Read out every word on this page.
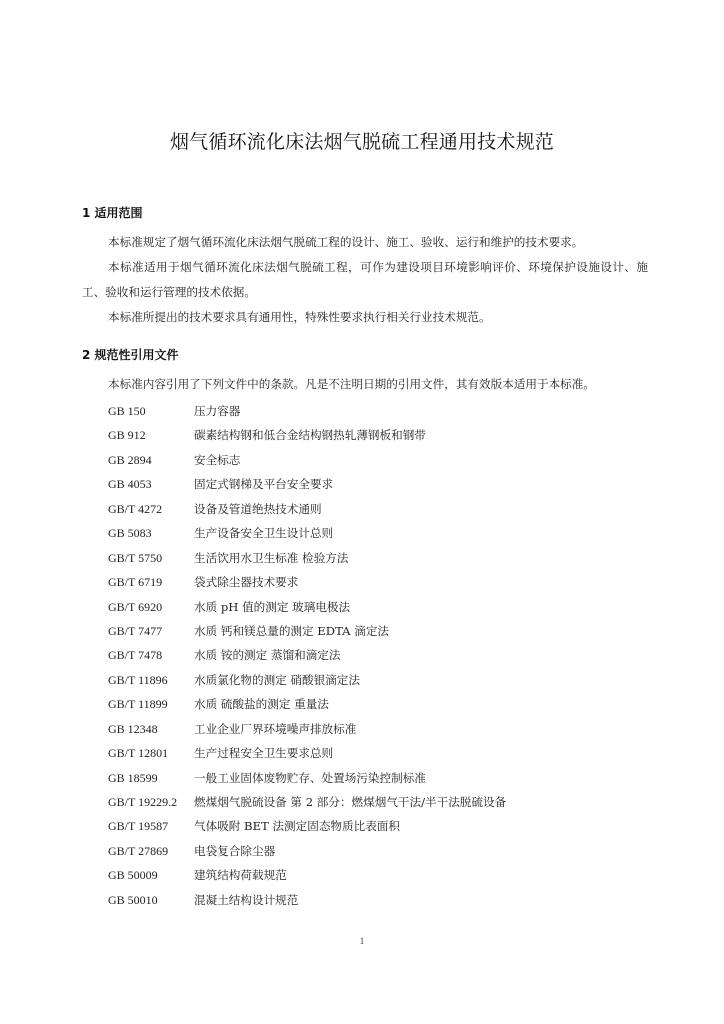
烟气循环流化床法烟气脱硫工程通用技术规范
1 适用范围

本标准规定了烟气循环流化床法烟气脱硫工程的设计、施工、验收、运行和维护的技术要求。

本标准适用于烟气循环流化床法烟气脱硫工程，可作为建设项目环境影响评价、环境保护设施设计、施工、验收和运行管理的技术依据。

本标准所提出的技术要求具有通用性，特殊性要求执行相关行业技术规范。

2 规范性引用文件

本标准内容引用了下列文件中的条款。凡是不注明日期的引用文件，其有效版本适用于本标准。

GB 150	压力容器
GB 912	碳素结构钢和低合金结构钢热轧薄钢板和钢带
GB 2894	安全标志
GB 4053	固定式钢梯及平台安全要求
GB/T 4272	设备及管道绝热技术通则
GB 5083	生产设备安全卫生设计总则
GB/T 5750	生活饮用水卫生标准 检验方法
GB/T 6719	袋式除尘器技术要求
GB/T 6920	水质 pH 值的测定 玻璃电极法
GB/T 7477	水质 钙和镁总量的测定 EDTA 滴定法
GB/T 7478	水质 铵的测定 蒸馏和滴定法
GB/T 11896 水质氯化物的测定 硝酸银滴定法
GB/T 11899 水质 硫酸盐的测定 重量法
GB 12348	工业企业厂界环境噪声排放标准
GB/T 12801 生产过程安全卫生要求总则
GB 18599	一般工业固体废物贮存、处置场污染控制标准
GB/T 19229.2 燃煤烟气脱硫设备 第 2 部分：燃煤烟气干法/半干法脱硫设备
GB/T 19587 气体吸附 BET 法测定固态物质比表面积
GB/T 27869 电袋复合除尘器
GB 50009	建筑结构荷载规范
GB 50010	混凝土结构设计规范
1
